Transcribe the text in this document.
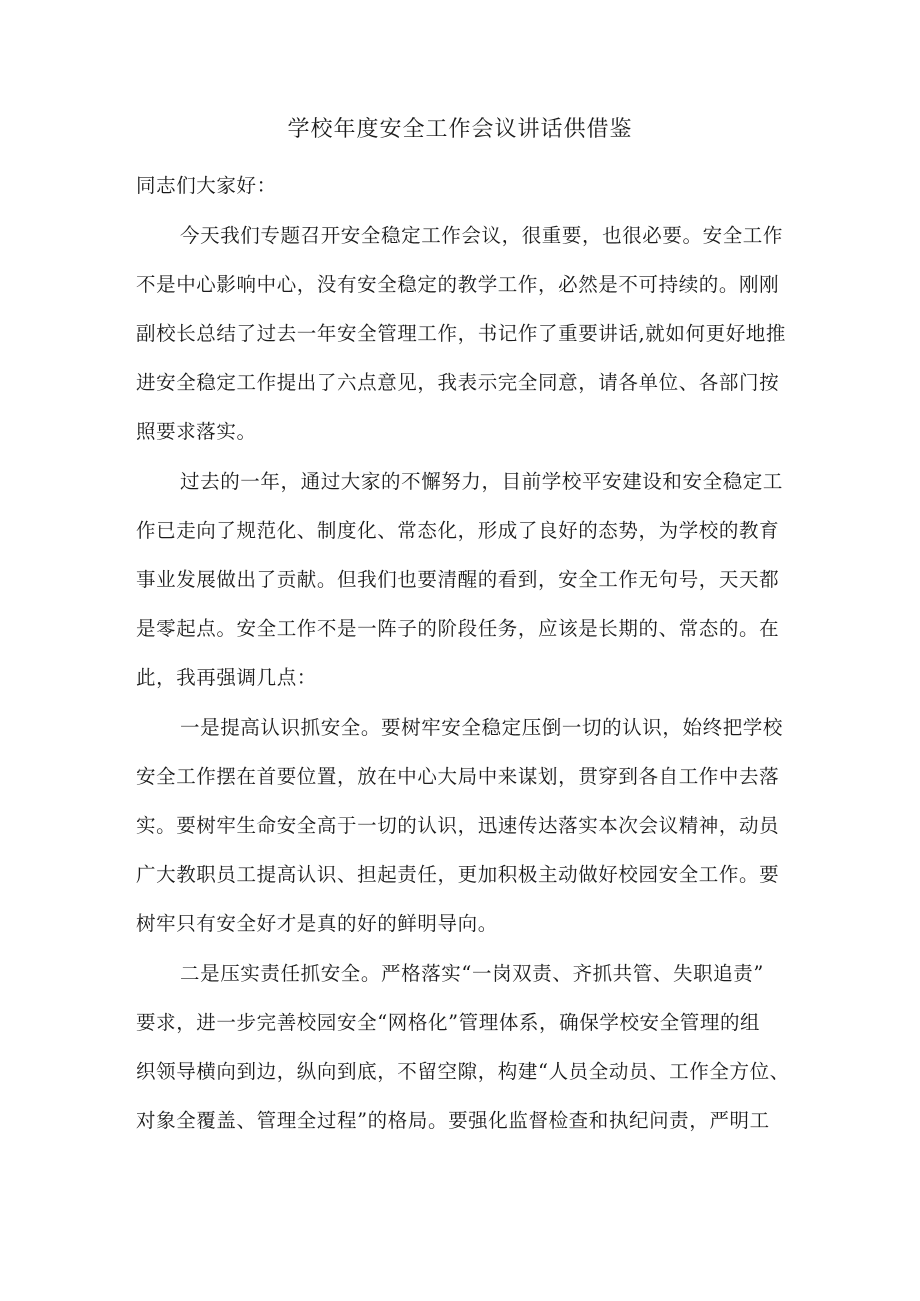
学校年度安全工作会议讲话供借鉴
同志们大家好：
今天我们专题召开安全稳定工作会议，很重要，也很必要。安全工作
不是中心影响中心，没有安全稳定的教学工作，必然是不可持续的。刚刚
副校长总结了过去一年安全管理工作，书记作了重要讲话,就如何更好地推
进安全稳定工作提出了六点意见，我表示完全同意，请各单位、各部门按
照要求落实。
过去的一年，通过大家的不懈努力，目前学校平安建设和安全稳定工
作已走向了规范化、制度化、常态化，形成了良好的态势，为学校的教育
事业发展做出了贡献。但我们也要清醒的看到，安全工作无句号，天天都
是零起点。安全工作不是一阵子的阶段任务，应该是长期的、常态的。在
此，我再强调几点：
一是提高认识抓安全。要树牢安全稳定压倒一切的认识，始终把学校
安全工作摆在首要位置，放在中心大局中来谋划，贯穿到各自工作中去落
实。要树牢生命安全高于一切的认识，迅速传达落实本次会议精神，动员
广大教职员工提高认识、担起责任，更加积极主动做好校园安全工作。要
树牢只有安全好才是真的好的鲜明导向。
二是压实责任抓安全。严格落实“一岗双责、齐抓共管、失职追责”
要求，进一步完善校园安全“网格化”管理体系，确保学校安全管理的组
织领导横向到边，纵向到底，不留空隙，构建“人员全动员、工作全方位、
对象全覆盖、管理全过程”的格局。要强化监督检查和执纪问责，严明工
